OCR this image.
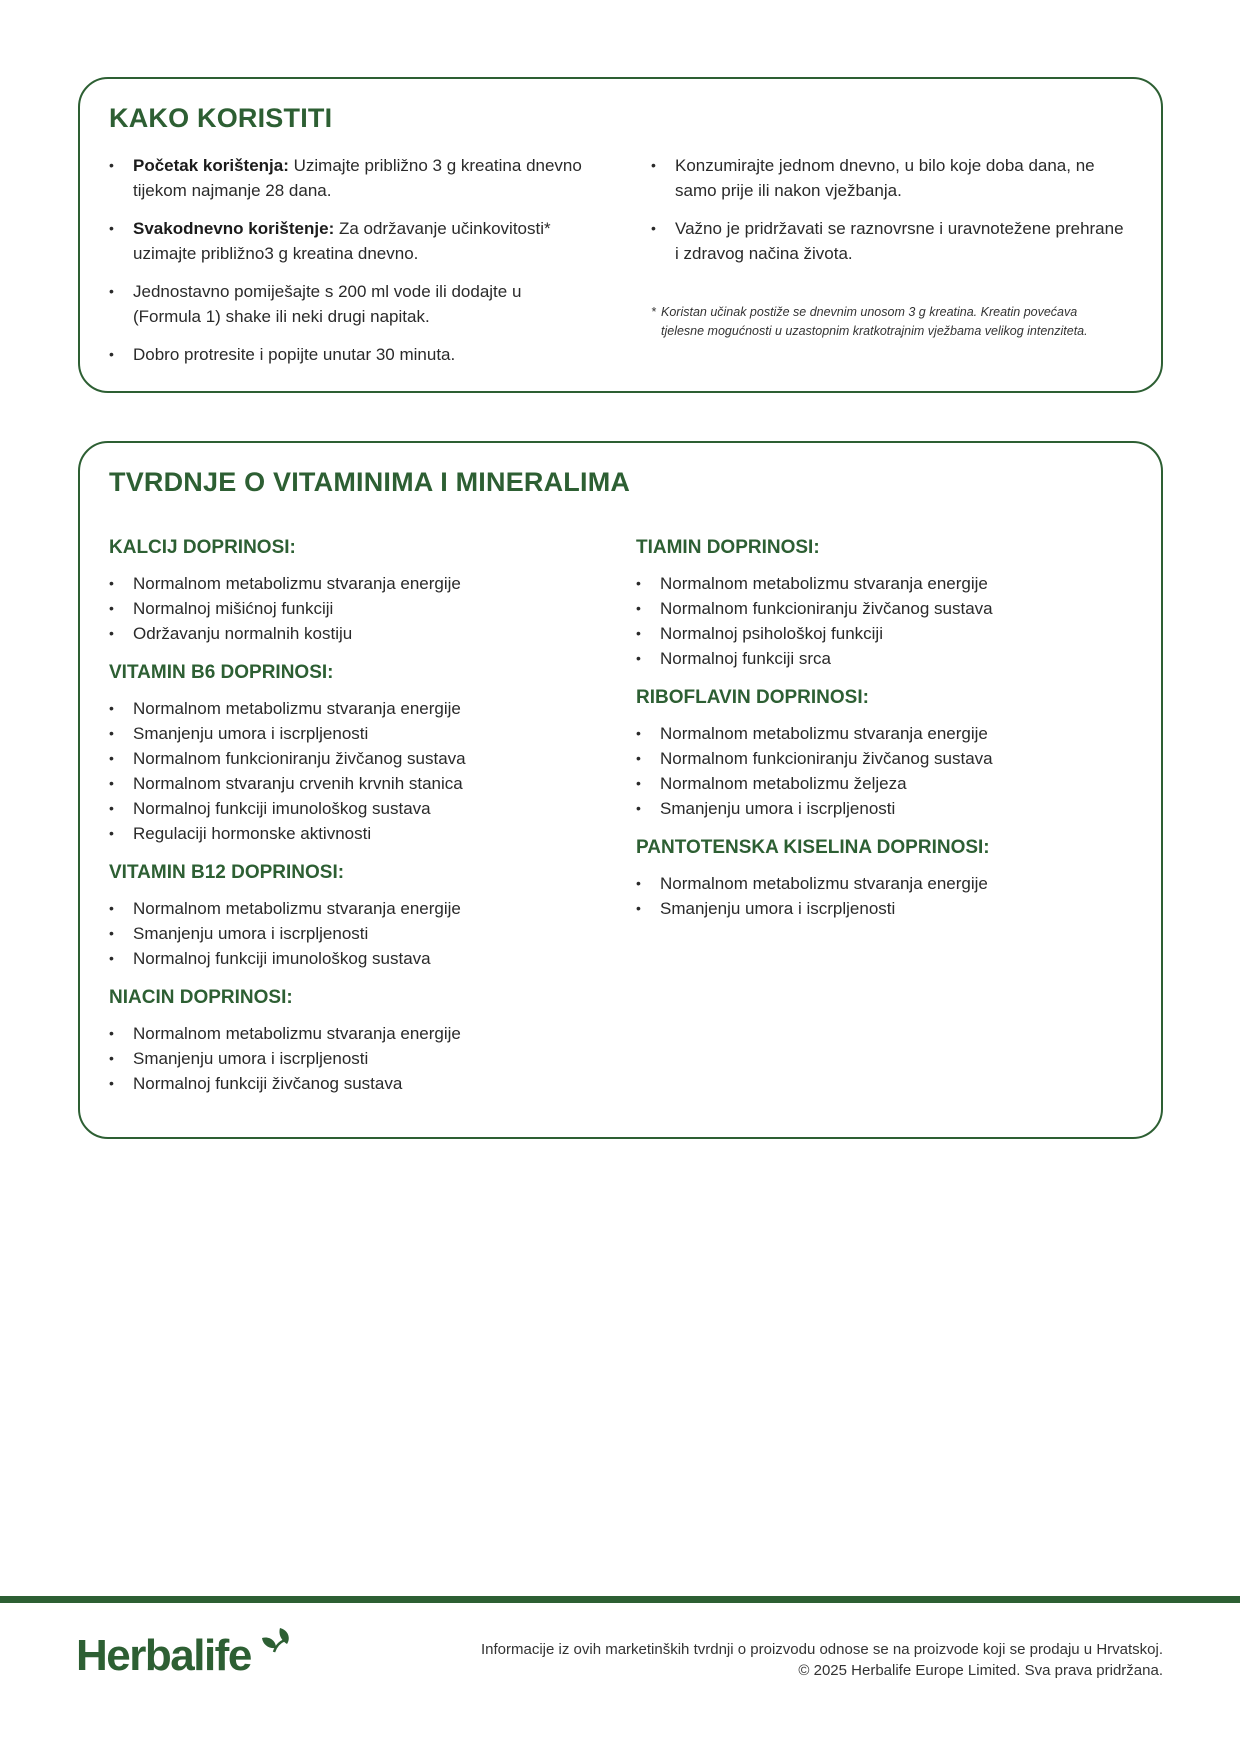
KAKO KORISTITI
• Početak korištenja: Uzimajte približno 3 g kreatina dnevno tijekom najmanje 28 dana.
• Svakodnevno korištenje: Za održavanje učinkovitosti* uzimajte približno3 g kreatina dnevno.
• Jednostavno pomiješajte s 200 ml vode ili dodajte u (Formula 1) shake ili neki drugi napitak.
• Dobro protresite i popijte unutar 30 minuta.
• Konzumirajte jednom dnevno, u bilo koje doba dana, ne samo prije ili nakon vježbanja.
• Važno je pridržavati se raznovrsne i uravnotežene prehrane i zdravog načina života.

* Koristan učinak postiže se dnevnim unosom 3 g kreatina. Kreatin povećava tjelesne mogućnosti u uzastopnim kratkotrajnim vježbama velikog intenziteta.

TVRDNJE O VITAMINIMA I MINERALIMA
KALCIJ DOPRINOSI:
• Normalnom metabolizmu stvaranja energije
• Normalnoj mišićnoj funkciji
• Održavanju normalnih kostiju
VITAMIN B6 DOPRINOSI:
• Normalnom metabolizmu stvaranja energije
• Smanjenju umora i iscrpljenosti
• Normalnom funkcioniranju živčanog sustava
• Normalnom stvaranju crvenih krvnih stanica
• Normalnoj funkciji imunološkog sustava
• Regulaciji hormonske aktivnosti
VITAMIN B12 DOPRINOSI:
• Normalnom metabolizmu stvaranja energije
• Smanjenju umora i iscrpljenosti
• Normalnoj funkciji imunološkog sustava
NIACIN DOPRINOSI:
• Normalnom metabolizmu stvaranja energije
• Smanjenju umora i iscrpljenosti
• Normalnoj funkciji živčanog sustava
TIAMIN DOPRINOSI:
• Normalnom metabolizmu stvaranja energije
• Normalnom funkcioniranju živčanog sustava
• Normalnoj psihološkoj funkciji
• Normalnoj funkciji srca
RIBOFLAVIN DOPRINOSI:
• Normalnom metabolizmu stvaranja energije
• Normalnom funkcioniranju živčanog sustava
• Normalnom metabolizmu željeza
• Smanjenju umora i iscrpljenosti
PANTOTENSKA KISELINA DOPRINOSI:
• Normalnom metabolizmu stvaranja energije
• Smanjenju umora i iscrpljenosti
Herbalife	Informacije iz ovih marketinških tvrdnji o proizvodu odnose se na proizvode koji se prodaju u Hrvatskoj.
© 2025 Herbalife Europe Limited. Sva prava pridržana.
